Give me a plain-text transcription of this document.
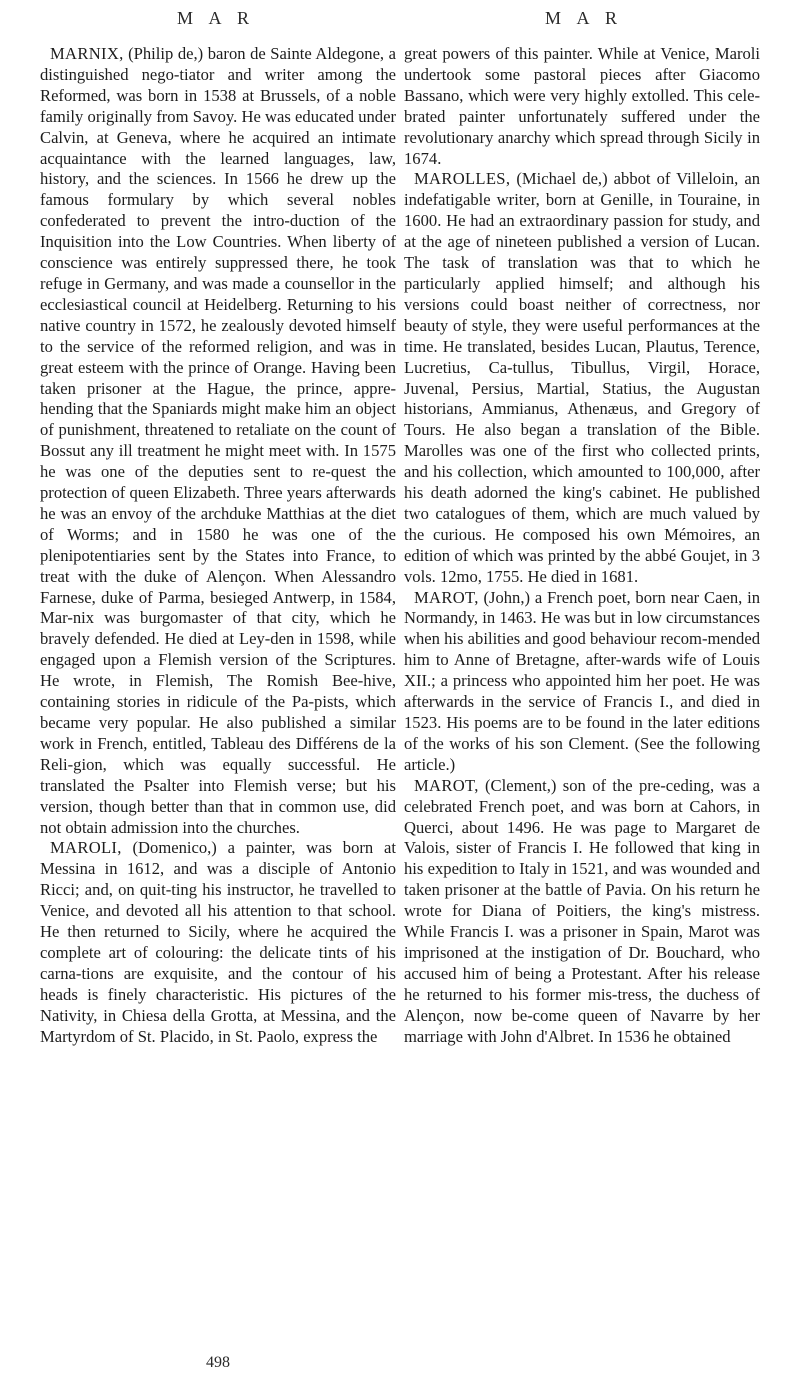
M A R	M A R

MARNIX, (Philip de,) baron de Sainte Aldegone, a distinguished nego-tiator and writer among the Reformed, was born in 1538 at Brussels, of a noble family originally from Savoy. He was educated under Calvin, at Geneva, where he acquired an intimate acquaintance with the learned languages, law, history, and the sciences. In 1566 he drew up the famous formulary by which several nobles confederated to prevent the intro-duction of the Inquisition into the Low Countries. When liberty of conscience was entirely suppressed there, he took refuge in Germany, and was made a counsellor in the ecclesiastical council at Heidelberg. Returning to his native country in 1572, he zealously devoted himself to the service of the reformed religion, and was in great esteem with the prince of Orange. Having been taken prisoner at the Hague, the prince, appre-hending that the Spaniards might make him an object of punishment, threatened to retaliate on the count of Bossut any ill treatment he might meet with. In 1575 he was one of the deputies sent to re-quest the protection of queen Elizabeth. Three years afterwards he was an envoy of the archduke Matthias at the diet of Worms; and in 1580 he was one of the plenipotentiaries sent by the States into France, to treat with the duke of Alençon. When Alessandro Farnese, duke of Parma, besieged Antwerp, in 1584, Mar-nix was burgomaster of that city, which he bravely defended. He died at Ley-den in 1598, while engaged upon a Flemish version of the Scriptures. He wrote, in Flemish, The Romish Bee-hive, containing stories in ridicule of the Pa-pists, which became very popular. He also published a similar work in French, entitled, Tableau des Différens de la Reli-gion, which was equally successful. He translated the Psalter into Flemish verse; but his version, though better than that in common use, did not obtain admission into the churches.

MAROLI, (Domenico,) a painter, was born at Messina in 1612, and was a disciple of Antonio Ricci; and, on quit-ting his instructor, he travelled to Venice, and devoted all his attention to that school. He then returned to Sicily, where he acquired the complete art of colouring: the delicate tints of his carna-tions are exquisite, and the contour of his heads is finely characteristic. His pictures of the Nativity, in Chiesa della Grotta, at Messina, and the Martyrdom of St. Placido, in St. Paolo, express the

great powers of this painter. While at Venice, Maroli undertook some pastoral pieces after Giacomo Bassano, which were very highly extolled. This cele-brated painter unfortunately suffered under the revolutionary anarchy which spread through Sicily in 1674.

MAROLLES, (Michael de,) abbot of Villeloin, an indefatigable writer, born at Genille, in Touraine, in 1600. He had an extraordinary passion for study, and at the age of nineteen published a version of Lucan. The task of translation was that to which he particularly applied himself; and although his versions could boast neither of correctness, nor beauty of style, they were useful performances at the time. He translated, besides Lucan, Plautus, Terence, Lucretius, Ca-tullus, Tibullus, Virgil, Horace, Juvenal, Persius, Martial, Statius, the Augustan historians, Ammianus, Athenæus, and Gregory of Tours. He also began a translation of the Bible. Marolles was one of the first who collected prints, and his collection, which amounted to 100,000, after his death adorned the king's cabinet. He published two catalogues of them, which are much valued by the curious. He composed his own Mémoires, an edition of which was printed by the abbé Goujet, in 3 vols. 12mo, 1755. He died in 1681.

MAROT, (John,) a French poet, born near Caen, in Normandy, in 1463. He was but in low circumstances when his abilities and good behaviour recom-mended him to Anne of Bretagne, after-wards wife of Louis XII.; a princess who appointed him her poet. He was afterwards in the service of Francis I., and died in 1523. His poems are to be found in the later editions of the works of his son Clement. (See the following article.)

MAROT, (Clement,) son of the pre-ceding, was a celebrated French poet, and was born at Cahors, in Querci, about 1496. He was page to Margaret de Valois, sister of Francis I. He followed that king in his expedition to Italy in 1521, and was wounded and taken prisoner at the battle of Pavia. On his return he wrote for Diana of Poitiers, the king's mistress. While Francis I. was a prisoner in Spain, Marot was imprisoned at the instigation of Dr. Bouchard, who accused him of being a Protestant. After his release he returned to his former mis-tress, the duchess of Alençon, now be-come queen of Navarre by her marriage with John d'Albret. In 1536 he obtained

498
